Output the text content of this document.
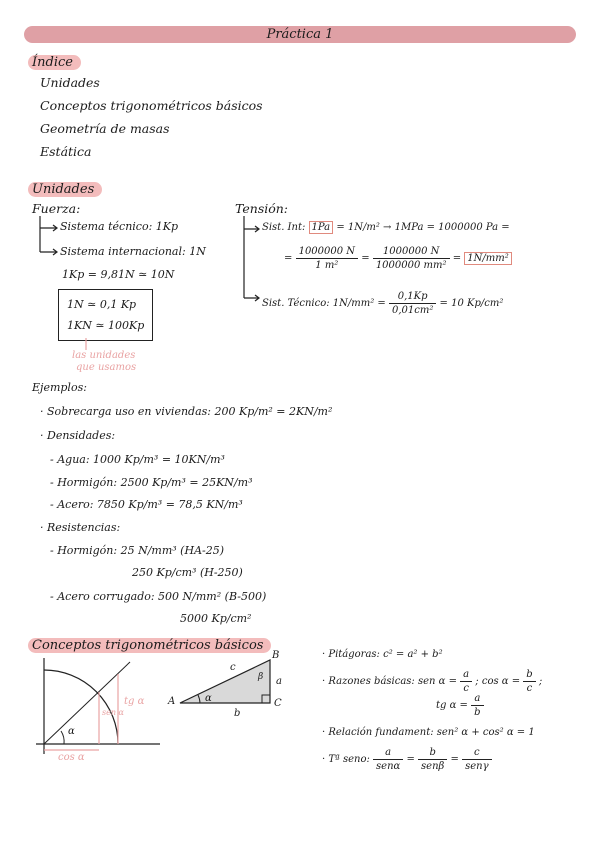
Práctica 1
Índice
Unidades
Conceptos trigonométricos básicos
Geometría de masas
Estática
Unidades
Fuerza:
Sistema técnico: 1Kp
Sistema internacional: 1N
1Kp = 9,81N ≃ 10N
1N ≃ 0,1 Kp
1KN ≃ 100Kp
las unidades
que usamos
Tensión:
Sist. Int: 1Pa = 1N/m² → 1MPa = 1000000 Pa =
= $\frac{1000000 N}{\text{1 m²}} = \frac{1000000 N}{\text{1000000 mm²}} = 1N/mm^2$
Sist. Técnico: $1N/mm^2 = \frac{0,1Kp}{\text{0,01cm²}} = 10$ Kp/cm²
Ejemplos:
· Sobrecarga uso en viviendas: 200 Kp/m² = 2KN/m²
· Densidades:
- Agua: 1000 Kp/m³ = 10KN/m³
- Hormigón: 2500 Kp/m³ = 25KN/m³
- Acero: 7850 Kp/m³ = 78,5 KN/m³
· Resistencias:
- Hormigón: 25 N/mm³ (HA-25)
250 Kp/cm³ (H-250)
- Acero corrugado: 500 N/mm² (B-500)
5000 Kp/cm²
Conceptos trigonométricos básicos
α
sen α
tg α
cos α
A
B
C
a
b
c
α
β
· Pitágoras: c² = a² + b²
· Razones básicas: sen $\alpha = \frac{a}{c}$ ; $\cos \alpha = \frac{b}{c}$ ;
tg $\alpha = \frac{a}{b}$
· Relación fundament: sen² α + cos² α = 1
· Tª seno: $\frac{a}{\text{senα}} = \frac{b}{\text{senβ}} = \frac{c}{\text{senγ}}$
